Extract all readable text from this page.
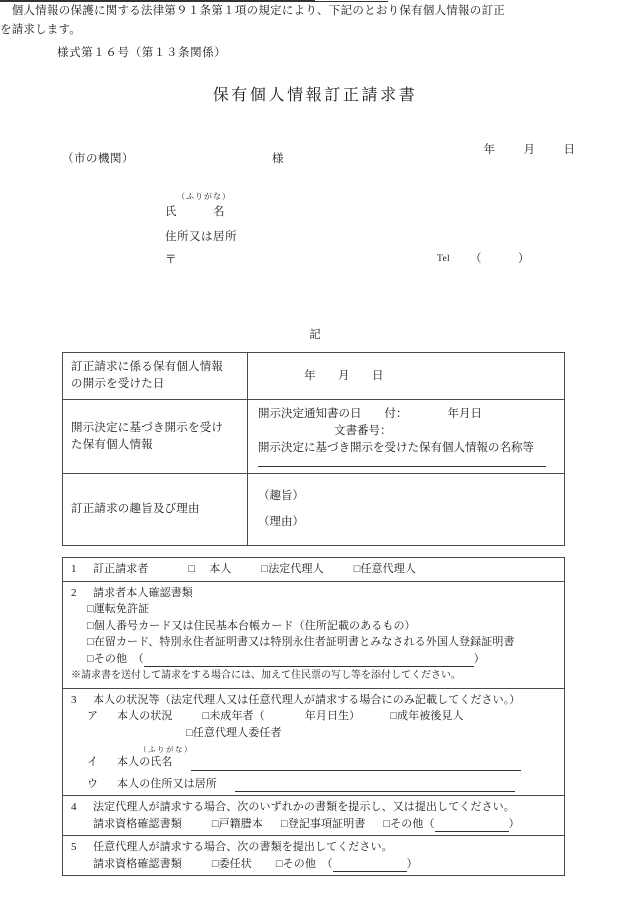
様式第１６号（第１３条関係）
保有個人情報訂正請求書

年 月 日

（市の機関）	様
（ふりがな）
氏　　　名
住所又は居所
〒	Tel （　　　）
　個人情報の保護に関する法律第９１条第１項の規定により、下記のとおり保有個人情報の訂正を請求します。
記
訂正請求に係る保有個人情報
の開示を受けた日	年 月 日
開示決定に基づき開示を受け
た保有個人情報	
開示決定通知書の日　　付：	年月日
文書番号：
開示決定に基づき開示を受けた保有個人情報の名称等

訂正請求の趣旨及び理由	（趣旨）
（理由）
1 訂正請求者	□ 本人	□法定代理人	□任意代理人

2 請求者本人確認書類
□運転免許証
□個人番号カード又は住民基本台帳カード（住所記載のあるもの）
□在留カード、特別永住者証明書又は特別永住者証明書とみなされる外国人登録証明書
□その他　（	）
※請求書を送付して請求をする場合には、加えて住民票の写し等を添付してください。

3 本人の状況等（法定代理人又は任意代理人が請求する場合にのみ記載してください。）
ア 本人の状況	□未成年者（	年月日生）	□成年被後見人
□任意代理人委任者
（ふりがな）
イ 本人の氏名
ウ 本人の住所又は居所

4 法定代理人が請求する場合、次のいずれかの書類を提示し、又は提出してください。
請求資格確認書類	□戸籍謄本 □登記事項証明書 □その他（	）

5 任意代理人が請求する場合、次の書類を提出してください。
請求資格確認書類	□委任状 □その他　（	）
